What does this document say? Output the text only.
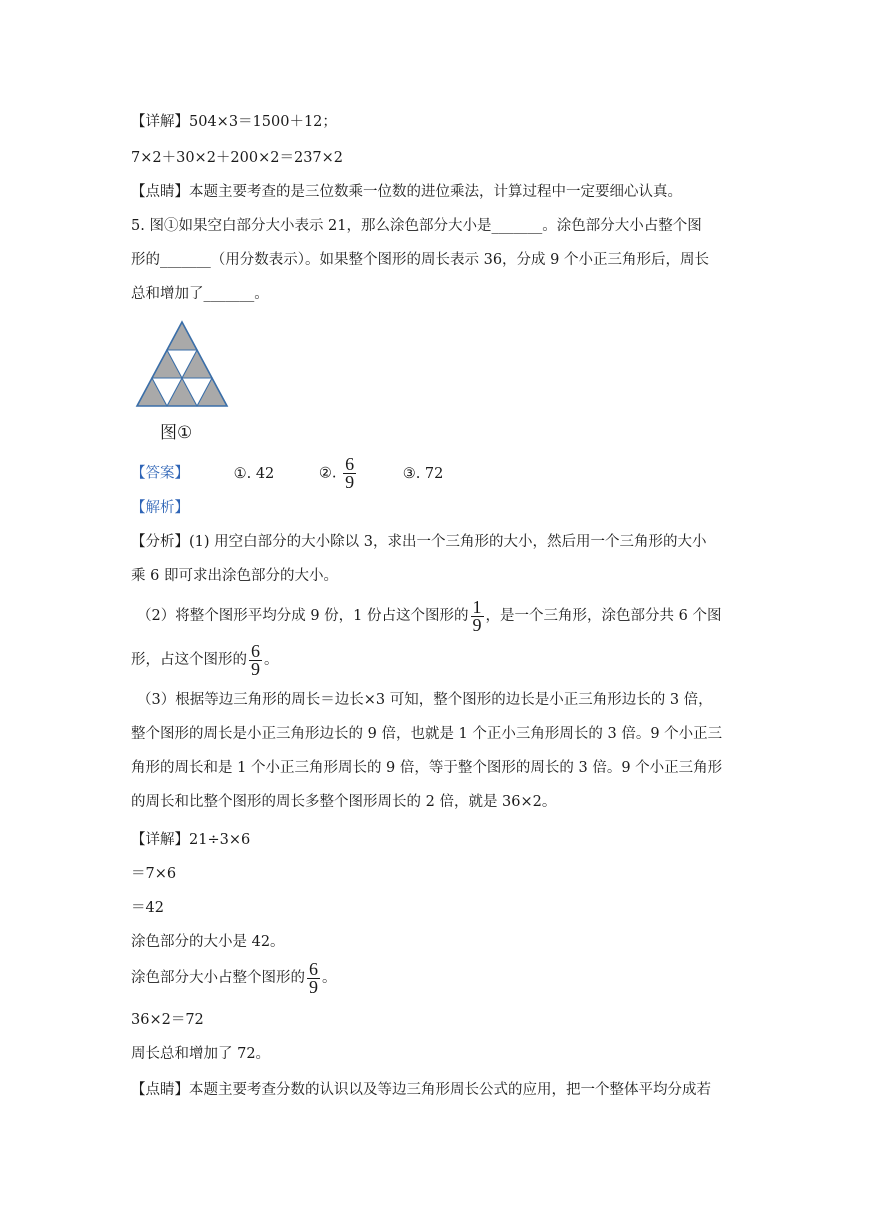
【详解】504×3＝1500＋12；
7×2＋30×2＋200×2＝237×2
【点睛】本题主要考查的是三位数乘一位数的进位乘法，计算过程中一定要细心认真。
5. 图①如果空白部分大小表示 21，那么涂色部分大小是_______。涂色部分大小占整个图
形的_______（用分数表示）。如果整个图形的周长表示 36，分成 9 个小正三角形后，周长
总和增加了_______。
图①
【答案】	①. 42	②. $\frac{6}{9}$	③. 72
【解析】
【分析】(1) 用空白部分的大小除以 3，求出一个三角形的大小，然后用一个三角形的大小
乘 6 即可求出涂色部分的大小。
（2）将整个图形平均分成 9 份，1 份占这个图形的 $\frac{1}{9}$ ，是一个三角形，涂色部分共 6 个图
形，占这个图形的 $\frac{6}{9}$ 。
（3）根据等边三角形的周长＝边长×3 可知，整个图形的边长是小正三角形边长的 3 倍，
整个图形的周长是小正三角形边长的 9 倍，也就是 1 个正小三角形周长的 3 倍。9 个小正三
角形的周长和是 1 个小正三角形周长的 9 倍，等于整个图形的周长的 3 倍。9 个小正三角形
的周长和比整个图形的周长多整个图形周长的 2 倍，就是 36×2。
【详解】21÷3×6
＝7×6
＝42
涂色部分的大小是 42。
涂色部分大小占整个图形的 $\frac{6}{9}$ 。
36×2＝72
周长总和增加了 72。
【点睛】本题主要考查分数的认识以及等边三角形周长公式的应用，把一个整体平均分成若
